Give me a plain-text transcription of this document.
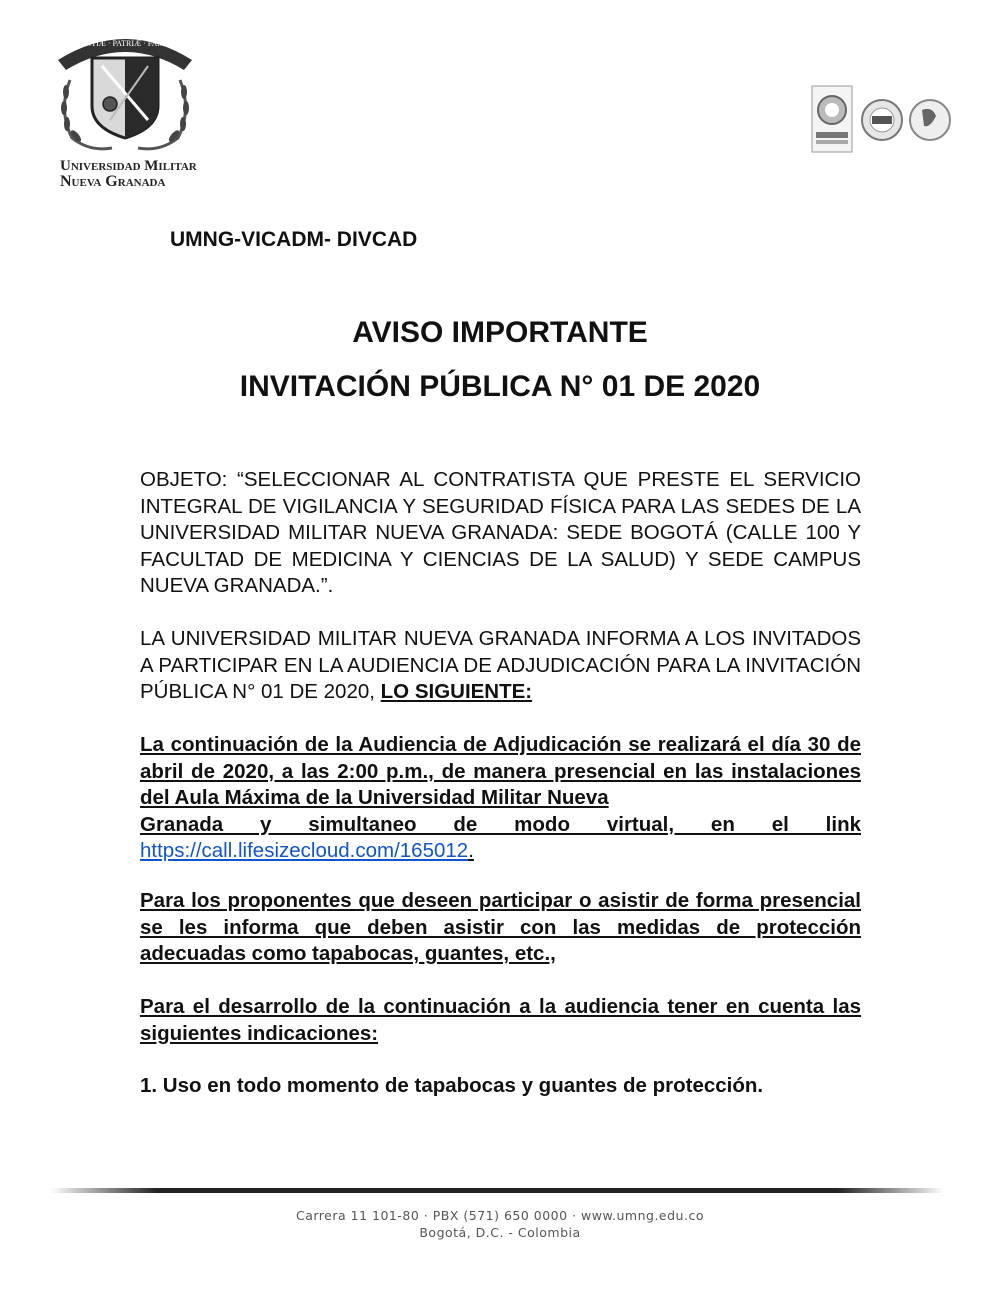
SCIENTIÆ · PATRIÆ · FAMILIÆ
Universidad Militar
Nueva Granada
UMNG-VICADM- DIVCAD
AVISO IMPORTANTE
INVITACIÓN PÚBLICA N° 01 DE 2020
OBJETO: “SELECCIONAR AL CONTRATISTA QUE PRESTE EL SERVICIO INTEGRAL DE VIGILANCIA Y SEGURIDAD FÍSICA PARA LAS SEDES DE LA UNIVERSIDAD MILITAR NUEVA GRANADA: SEDE BOGOTÁ (CALLE 100 Y FACULTAD DE MEDICINA Y CIENCIAS DE LA SALUD) Y SEDE CAMPUS NUEVA GRANADA.”.
LA UNIVERSIDAD MILITAR NUEVA GRANADA INFORMA A LOS INVITADOS A PARTICIPAR EN LA AUDIENCIA DE ADJUDICACIÓN PARA LA INVITACIÓN PÚBLICA N° 01 DE 2020, LO SIGUIENTE:
La continuación de la Audiencia de Adjudicación se realizará el día 30 de abril de 2020, a las 2:00 p.m., de manera presencial en las instalaciones del Aula Máxima de la Universidad Militar Nueva
Granada y simultaneo de modo virtual, en el link
https://call.lifesizecloud.com/165012.
Para los proponentes que deseen participar o asistir de forma presencial se les informa que deben asistir con las medidas de protección adecuadas como tapabocas, guantes, etc.,
Para el desarrollo de la continuación a la audiencia tener en cuenta las siguientes indicaciones:
1. Uso en todo momento de tapabocas y guantes de protección.
Carrera 11 101-80 · PBX (571) 650 0000 · www.umng.edu.co
Bogotá, D.C. - Colombia
